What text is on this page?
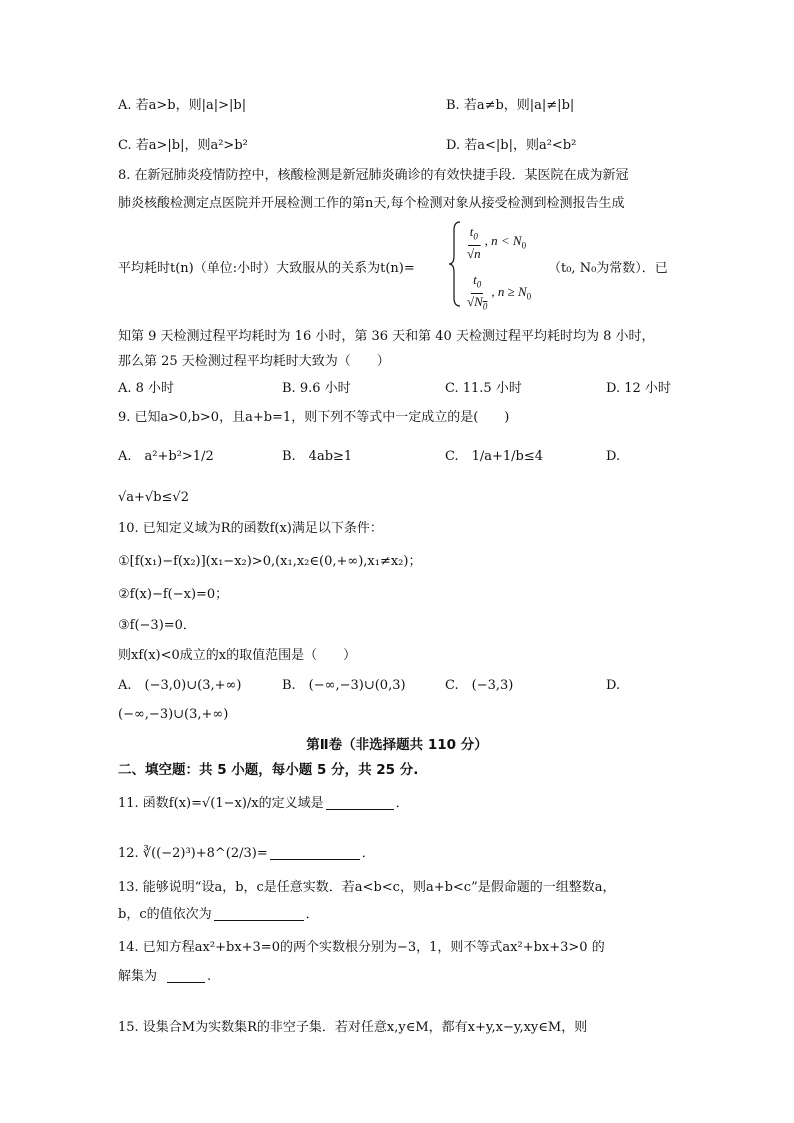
A. 若a>b，则|a|>|b|	B. 若a≠b，则|a|≠|b|
C. 若a>|b|，则a²>b²	D. 若a<|b|，则a²<b²
8. 在新冠肺炎疫情防控中，核酸检测是新冠肺炎确诊的有效快捷手段．某医院在成为新冠
肺炎核酸检测定点医院并开展检测工作的第n天,每个检测对象从接受检测到检测报告生成
平均耗时t(n)（单位:小时）大致服从的关系为t(n)=
$\frac{t_0}{√n}$ , $n < N_0$
$\frac{t_0}{√N_0}$ , $n \ge N_0$
（t₀, N₀为常数）．已
知第 9 天检测过程平均耗时为 16 小时，第 36 天和第 40 天检测过程平均耗时均为 8 小时，
那么第 25 天检测过程平均耗时大致为（　　）
A. 8 小时	B. 9.6 小时	C. 11.5 小时	D. 12 小时
9. 已知a>0,b>0，且a+b=1，则下列不等式中一定成立的是(　　)
A.　a²+b²>1/2	B.　4ab≥1	C.　1/a+1/b≤4	D.
√a+√b≤√2
10. 已知定义域为R的函数f(x)满足以下条件：
①[f(x₁)−f(x₂)](x₁−x₂)>0,(x₁,x₂∈(0,+∞),x₁≠x₂)；
②f(x)−f(−x)=0；
③f(−3)=0．
则xf(x)<0成立的x的取值范围是（　　）
A.　(−3,0)∪(3,+∞)	B.　(−∞,−3)∪(0,3)	C.　(−3,3)	D.
(−∞,−3)∪(3,+∞)
第Ⅱ卷（非选择题共 110 分）
二、填空题：共 5 小题，每小题 5 分，共 25 分.
11. 函数f(x)=√(1−x)/x的定义域是	．
12. ∛((−2)³)+8^(2/3)=	．
13. 能够说明“设a，b，c是任意实数．若a<b<c，则a+b<c”是假命题的一组整数a，
b，c的值依次为	．
14. 已知方程ax²+bx+3=0的两个实数根分别为−3，1，则不等式ax²+bx+3>0 的
解集为	.
15. 设集合M为实数集R的非空子集．若对任意x,y∈M，都有x+y,x−y,xy∈M，则
